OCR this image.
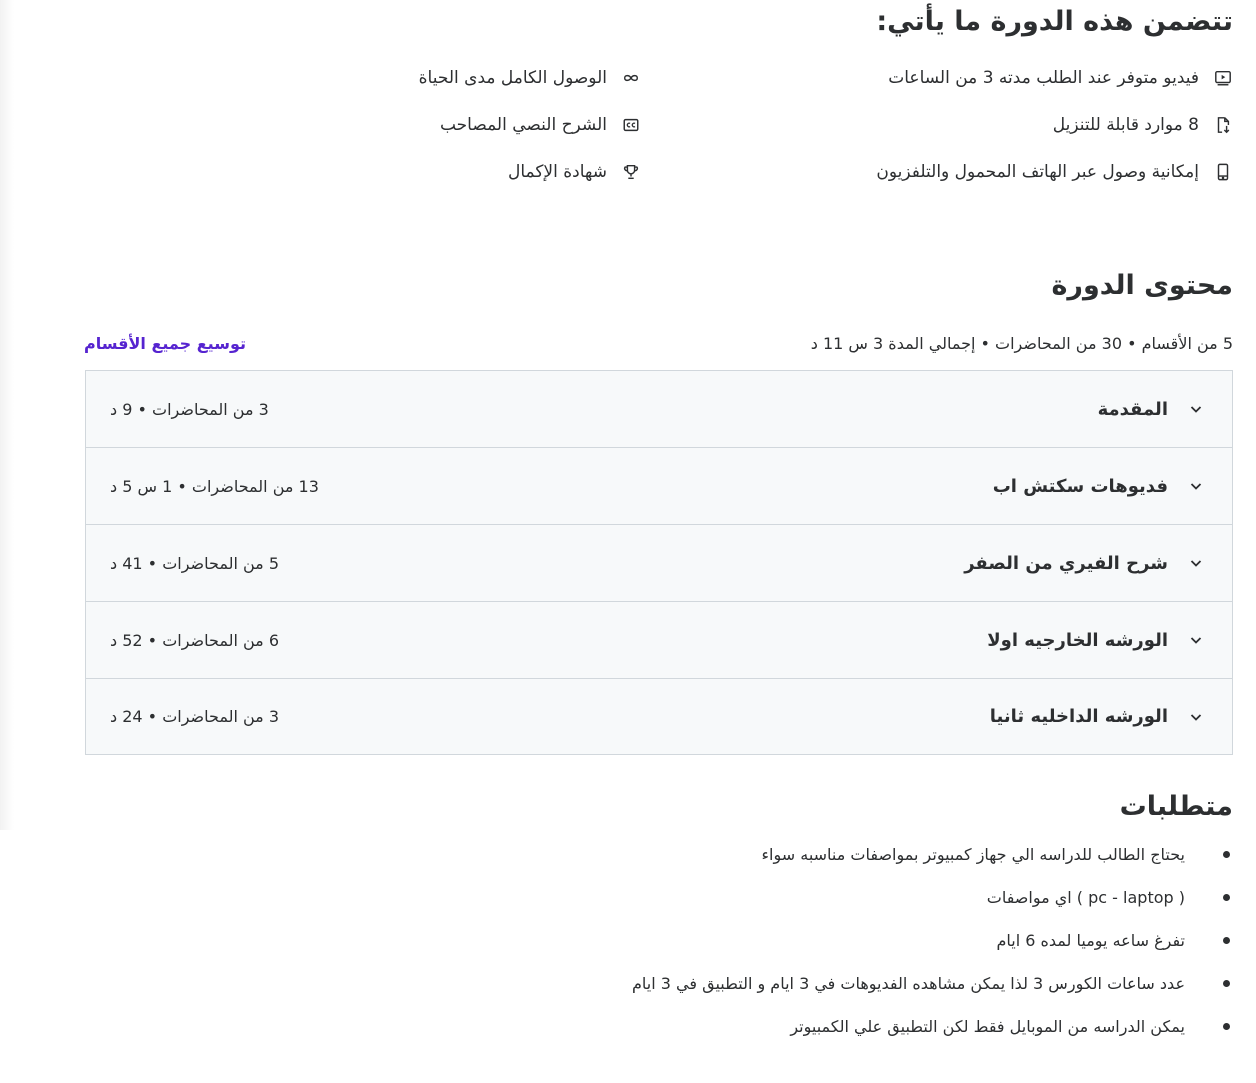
تتضمن هذه الدورة ما يأتي:
فيديو متوفر عند الطلب مدته 3 من الساعات
الوصول الكامل مدى الحياة
8 موارد قابلة للتنزيل
الشرح النصي المصاحب
إمكانية وصول عبر الهاتف المحمول والتلفزيون
شهادة الإكمال
محتوى الدورة
5 من الأقسام • 30 من المحاضرات • إجمالي المدة 3 س 11 د
توسيع جميع الأقسام
المقدمة
3 من المحاضرات • 9 د
فديوهات سكتش اب
13 من المحاضرات • 1 س 5 د
شرح الفيري من الصفر
5 من المحاضرات • 41 د
الورشه الخارجيه اولا
6 من المحاضرات • 52 د
الورشه الداخليه ثانيا
3 من المحاضرات • 24 د
متطلبات
يحتاج الطالب للدراسه الي جهاز كمبيوتر بمواصفات مناسبه سواء
( pc - laptop ) اي مواصفات
تفرغ ساعه يوميا لمده 6 ايام
عدد ساعات الكورس 3 لذا يمكن مشاهده الفديوهات في 3 ايام و التطبيق في 3 ايام
يمكن الدراسه من الموبايل فقط لكن التطبيق علي الكمبيوتر
